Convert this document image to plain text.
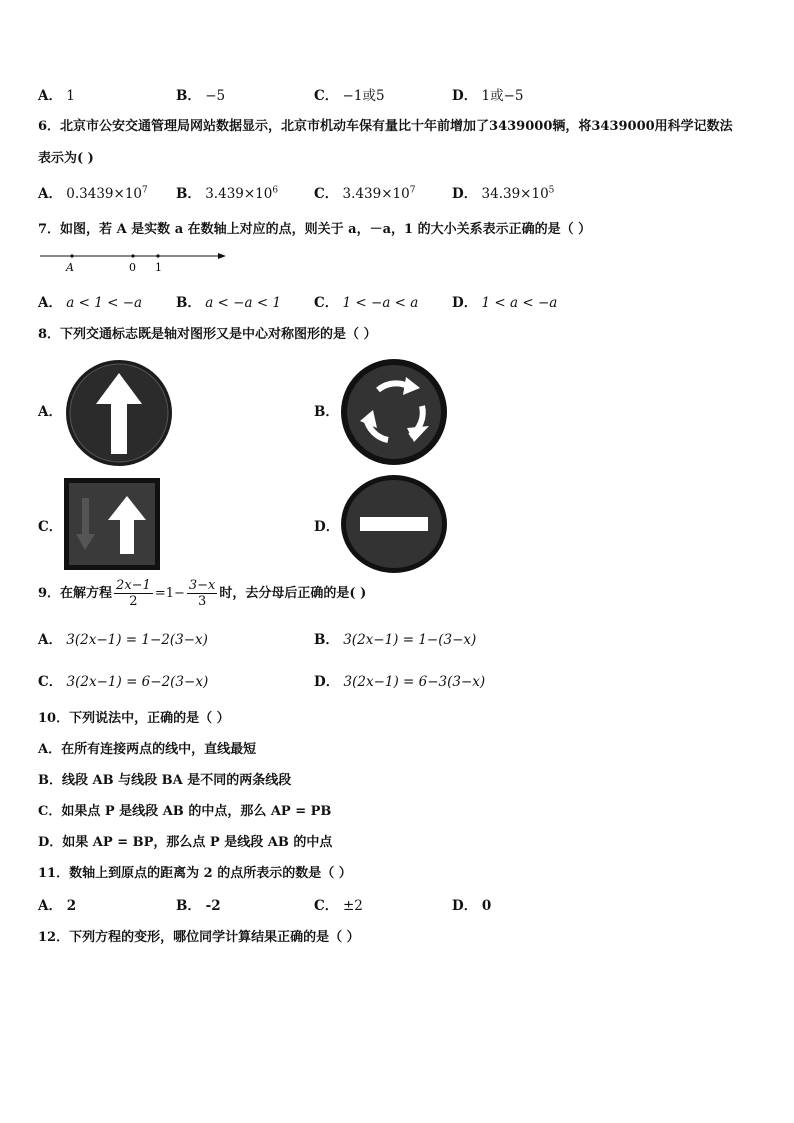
A． 1	B． −5	C． −1或5	D． 1或−5
6．北京市公安交通管理局网站数据显示，北京市机动车保有量比十年前增加了3439000辆，将3439000用科学记数法
表示为( )
A． $0.3439\times 10^7$ B． $3.439\times 10^6$	C． $3.439\times 10^7$	D． $34.39\times 10^5$
7．如图，若 A 是实数 a 在数轴上对应的点，则关于 a，－a，1 的大小关系表示正确的是（ ）
A	0 1
A． a < 1 < −a	B． a < −a < 1 C． 1 < −a < a D． 1 < a < −a
8．下列交通标志既是轴对图形又是中心对称图形的是（ ）
A．	B．
C．	D．
9．在解方程 $\frac{2x-1}{2} =1- \frac{3-x}{3}$ 时，去分母后正确的是( )
A． 3(2x−1) = 1−2(3−x)	B． 3(2x−1) = 1−(3−x)
C． 3(2x−1) = 6−2(3−x)	D． 3(2x−1) = 6−3(3−x)
10．下列说法中，正确的是（ ）
A．在所有连接两点的线中，直线最短
B．线段 AB 与线段 BA 是不同的两条线段
C．如果点 P 是线段 AB 的中点，那么 AP = PB
D．如果 AP = BP，那么点 P 是线段 AB 的中点
11．数轴上到原点的距离为 2 的点所表示的数是（ ）
A． 2	B． -2	C． ±2	D． 0
12．下列方程的变形，哪位同学计算结果正确的是（ ）
